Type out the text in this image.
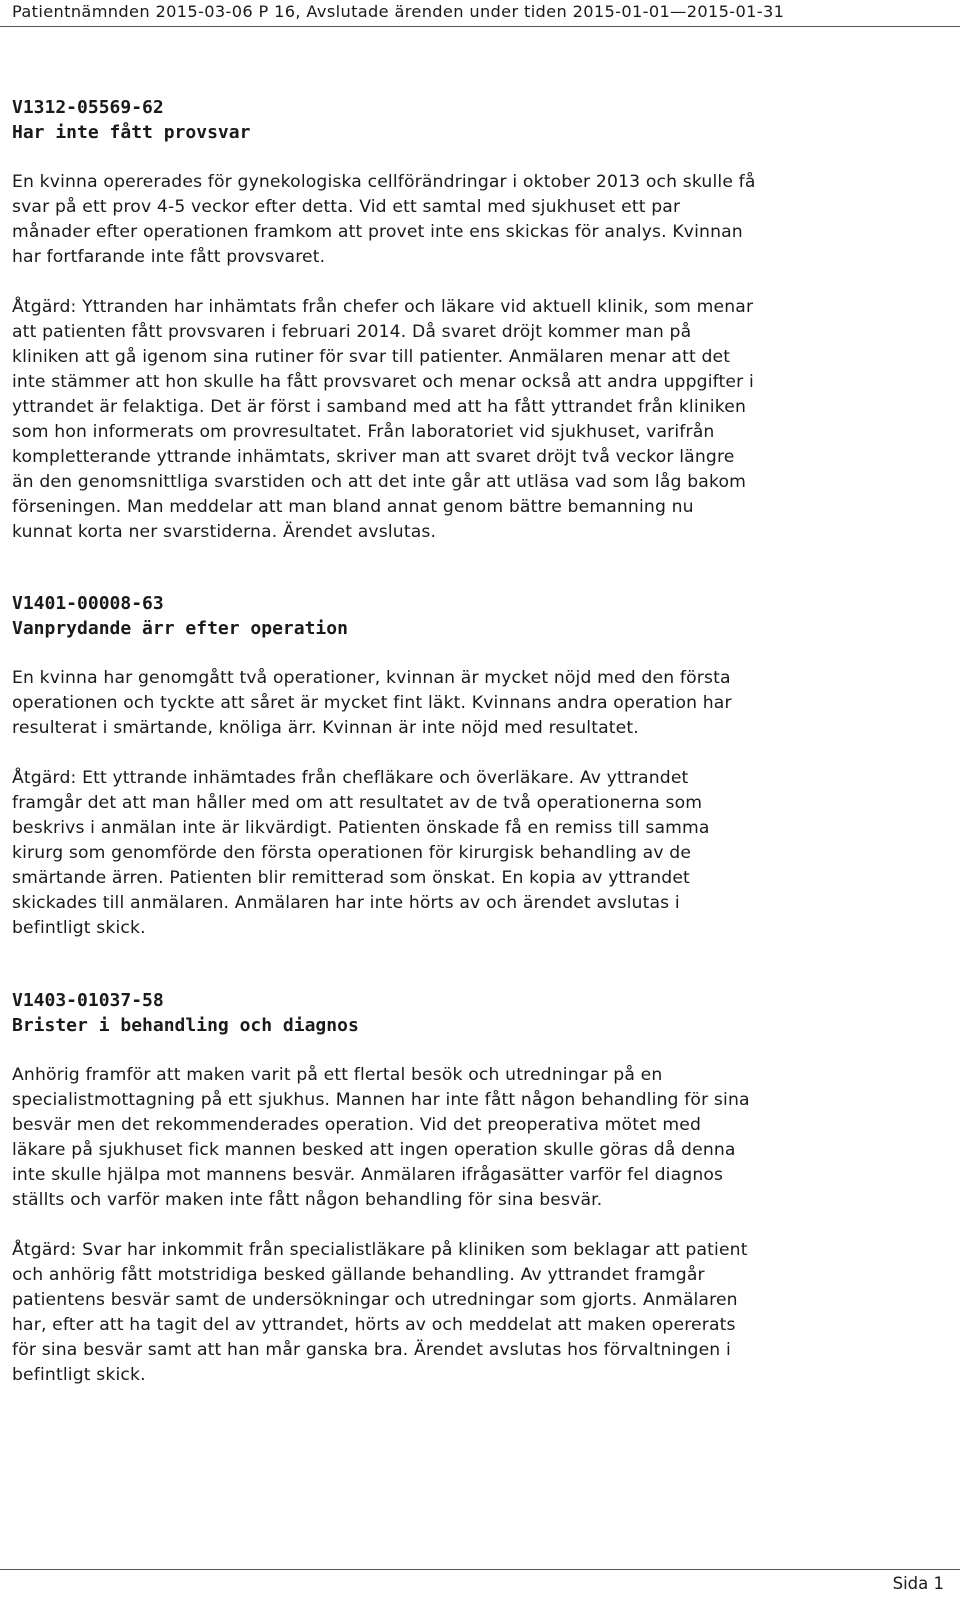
Patientnämnden 2015-03-06 P 16, Avslutade ärenden under tiden 2015-01-01—2015-01-31
V1312-05569-62
Har inte fått provsvar
En kvinna opererades för gynekologiska cellförändringar i oktober 2013 och skulle få
svar på ett prov 4-5 veckor efter detta. Vid ett samtal med sjukhuset ett par
månader efter operationen framkom att provet inte ens skickas för analys. Kvinnan
har fortfarande inte fått provsvaret.
Åtgärd: Yttranden har inhämtats från chefer och läkare vid aktuell klinik, som menar
att patienten fått provsvaren i februari 2014. Då svaret dröjt kommer man på
kliniken att gå igenom sina rutiner för svar till patienter. Anmälaren menar att det
inte stämmer att hon skulle ha fått provsvaret och menar också att andra uppgifter i
yttrandet är felaktiga. Det är först i samband med att ha fått yttrandet från kliniken
som hon informerats om provresultatet. Från laboratoriet vid sjukhuset, varifrån
kompletterande yttrande inhämtats, skriver man att svaret dröjt två veckor längre
än den genomsnittliga svarstiden och att det inte går att utläsa vad som låg bakom
förseningen. Man meddelar att man bland annat genom bättre bemanning nu
kunnat korta ner svarstiderna. Ärendet avslutas.
V1401-00008-63
Vanprydande ärr efter operation
En kvinna har genomgått två operationer, kvinnan är mycket nöjd med den första
operationen och tyckte att såret är mycket fint läkt. Kvinnans andra operation har
resulterat i smärtande, knöliga ärr. Kvinnan är inte nöjd med resultatet.
Åtgärd: Ett yttrande inhämtades från chefläkare och överläkare. Av yttrandet
framgår det att man håller med om att resultatet av de två operationerna som
beskrivs i anmälan inte är likvärdigt. Patienten önskade få en remiss till samma
kirurg som genomförde den första operationen för kirurgisk behandling av de
smärtande ärren. Patienten blir remitterad som önskat. En kopia av yttrandet
skickades till anmälaren. Anmälaren har inte hörts av och ärendet avslutas i
befintligt skick.
V1403-01037-58
Brister i behandling och diagnos
Anhörig framför att maken varit på ett flertal besök och utredningar på en
specialistmottagning på ett sjukhus. Mannen har inte fått någon behandling för sina
besvär men det rekommenderades operation. Vid det preoperativa mötet med
läkare på sjukhuset fick mannen besked att ingen operation skulle göras då denna
inte skulle hjälpa mot mannens besvär. Anmälaren ifrågasätter varför fel diagnos
ställts och varför maken inte fått någon behandling för sina besvär.
Åtgärd: Svar har inkommit från specialistläkare på kliniken som beklagar att patient
och anhörig fått motstridiga besked gällande behandling. Av yttrandet framgår
patientens besvär samt de undersökningar och utredningar som gjorts. Anmälaren
har, efter att ha tagit del av yttrandet, hörts av och meddelat att maken opererats
för sina besvär samt att han mår ganska bra. Ärendet avslutas hos förvaltningen i
befintligt skick.
Sida 1
